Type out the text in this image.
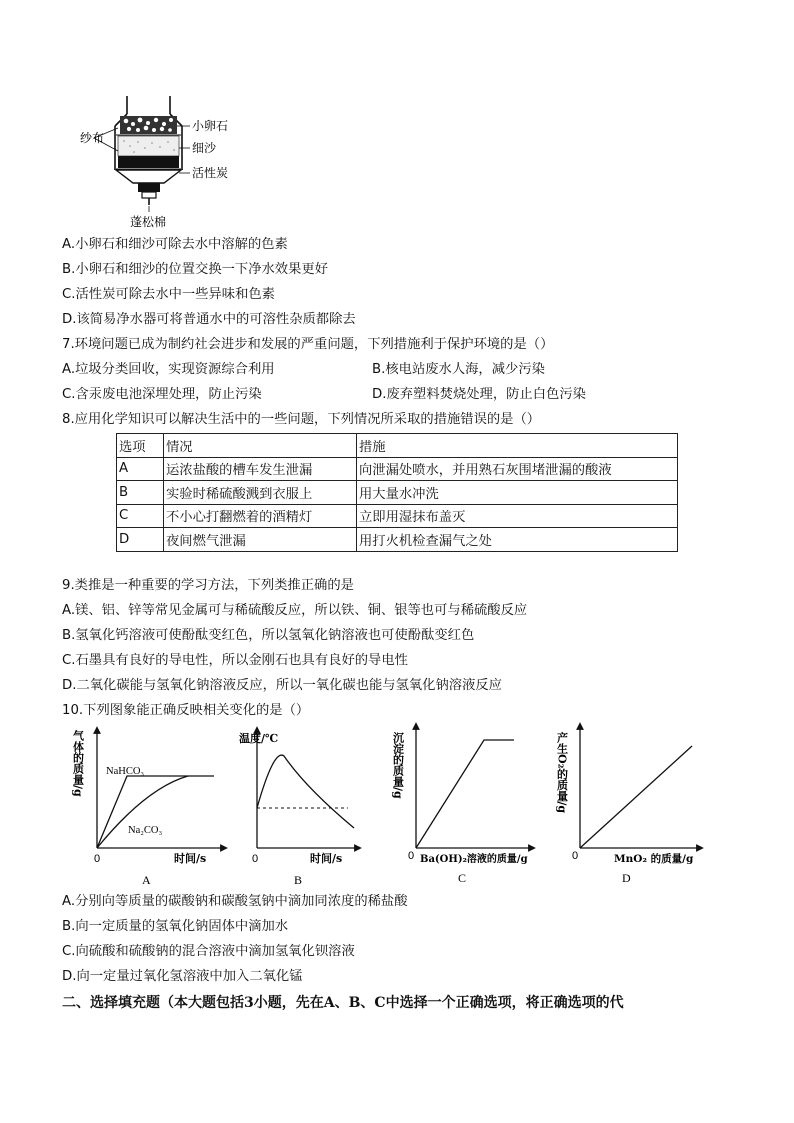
纱布
小卵石
细沙
活性炭
蓬松棉
A.小卵石和细沙可除去水中溶解的色素
B.小卵石和细沙的位置交换一下净水效果更好
C.活性炭可除去水中一些异味和色素
D.该简易净水器可将普通水中的可溶性杂质都除去
7.环境问题已成为制约社会进步和发展的严重问题，下列措施利于保护环境的是（）
A.垃圾分类回收，实现资源综合利用	B.核电站废水人海，减少污染
C.含汞废电池深埋处理，防止污染	D.废弃塑料焚烧处理，防止白色污染
8.应用化学知识可以解决生活中的一些问题，下列情况所采取的措施错误的是（）
选项	情况	措施
A	运浓盐酸的槽车发生泄漏	向泄漏处喷水，并用熟石灰围堵泄漏的酸液
B	实验时稀硫酸溅到衣服上	用大量水冲洗
C	不小心打翻燃着的酒精灯	立即用湿抹布盖灭
D	夜间燃气泄漏	用打火机检查漏气之处
9.类推是一种重要的学习方法，下列类推正确的是
A.镁、铝、锌等常见金属可与稀硫酸反应，所以铁、铜、银等也可与稀硫酸反应
B.氢氧化钙溶液可使酚酞变红色，所以氢氧化钠溶液也可使酚酞变红色
C.石墨具有良好的导电性，所以金刚石也具有良好的导电性
D.二氧化碳能与氢氧化钠溶液反应，所以一氧化碳也能与氢氧化钠溶液反应
10.下列图象能正确反映相关变化的是（）
气体的质量/g NaHCO₃
Na₂CO₃
0	时间/s
A
温度/℃
0	时间/s
B
沉淀的质量/g
0 Ba(OH)₂溶液的质量/g
C
产生O₂的质量/g
0	MnO₂ 的质量/g
D
A.分别向等质量的碳酸钠和碳酸氢钠中滴加同浓度的稀盐酸
B.向一定质量的氢氧化钠固体中滴加水
C.向硫酸和硫酸钠的混合溶液中滴加氢氧化钡溶液
D.向一定量过氧化氢溶液中加入二氧化锰
二、选择填充题（本大题包括3小题，先在A、B、C中选择一个正确选项，将正确选项的代
